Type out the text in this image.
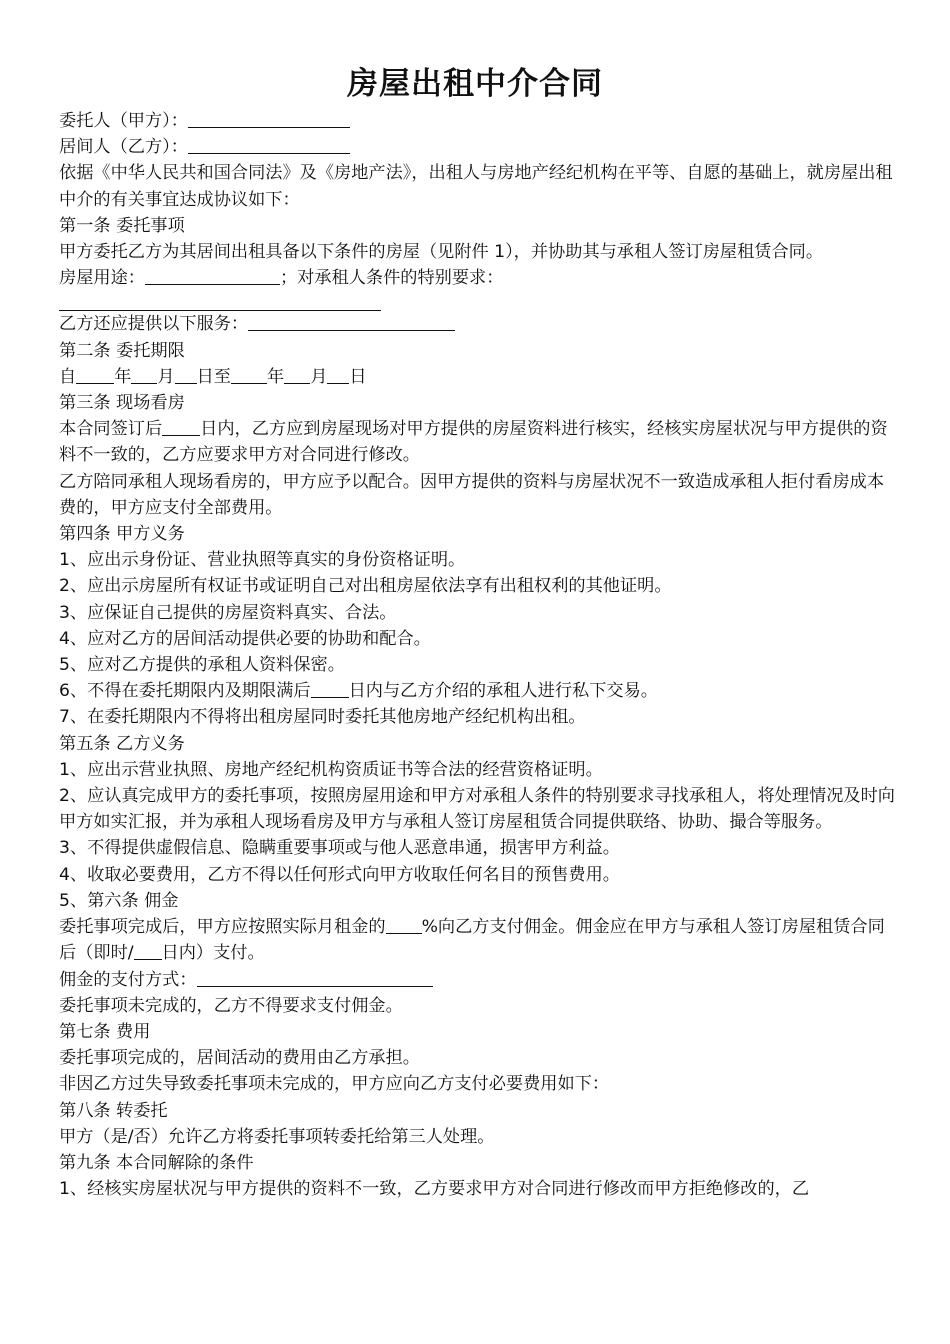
房屋出租中介合同

委托人（甲方）：

居间人（乙方）：

依据《中华人民共和国合同法》及《房地产法》，出租人与房地产经纪机构在平等、自愿的基础上，就房屋出租中介的有关事宜达成协议如下：

第一条 委托事项

甲方委托乙方为其居间出租具备以下条件的房屋（见附件 1），并协助其与承租人签订房屋租赁合同。

房屋用途：	；对承租人条件的特别要求：

乙方还应提供以下服务：

第二条 委托期限

自 年 月 日至 年 月 日

第三条 现场看房

本合同签订后 日内，乙方应到房屋现场对甲方提供的房屋资料进行核实，经核实房屋状况与甲方提供的资料不一致的，乙方应要求甲方对合同进行修改。

乙方陪同承租人现场看房的，甲方应予以配合。因甲方提供的资料与房屋状况不一致造成承租人拒付看房成本费的，甲方应支付全部费用。

第四条 甲方义务

1、应出示身份证、营业执照等真实的身份资格证明。

2、应出示房屋所有权证书或证明自己对出租房屋依法享有出租权利的其他证明。

3、应保证自己提供的房屋资料真实、合法。

4、应对乙方的居间活动提供必要的协助和配合。

5、应对乙方提供的承租人资料保密。

6、不得在委托期限内及期限满后 日内与乙方介绍的承租人进行私下交易。

7、在委托期限内不得将出租房屋同时委托其他房地产经纪机构出租。

第五条 乙方义务

1、应出示营业执照、房地产经纪机构资质证书等合法的经营资格证明。

2、应认真完成甲方的委托事项，按照房屋用途和甲方对承租人条件的特别要求寻找承租人，将处理情况及时向甲方如实汇报，并为承租人现场看房及甲方与承租人签订房屋租赁合同提供联络、协助、撮合等服务。

3、不得提供虚假信息、隐瞒重要事项或与他人恶意串通，损害甲方利益。

4、收取必要费用，乙方不得以任何形式向甲方收取任何名目的预售费用。

5、第六条 佣金

委托事项完成后，甲方应按照实际月租金的 %向乙方支付佣金。佣金应在甲方与承租人签订房屋租赁合同后（即时/ 日内）支付。

佣金的支付方式：

委托事项未完成的，乙方不得要求支付佣金。

第七条 费用

委托事项完成的，居间活动的费用由乙方承担。

非因乙方过失导致委托事项未完成的，甲方应向乙方支付必要费用如下：

第八条 转委托

甲方（是/否）允许乙方将委托事项转委托给第三人处理。

第九条 本合同解除的条件

1、经核实房屋状况与甲方提供的资料不一致，乙方要求甲方对合同进行修改而甲方拒绝修改的，乙
